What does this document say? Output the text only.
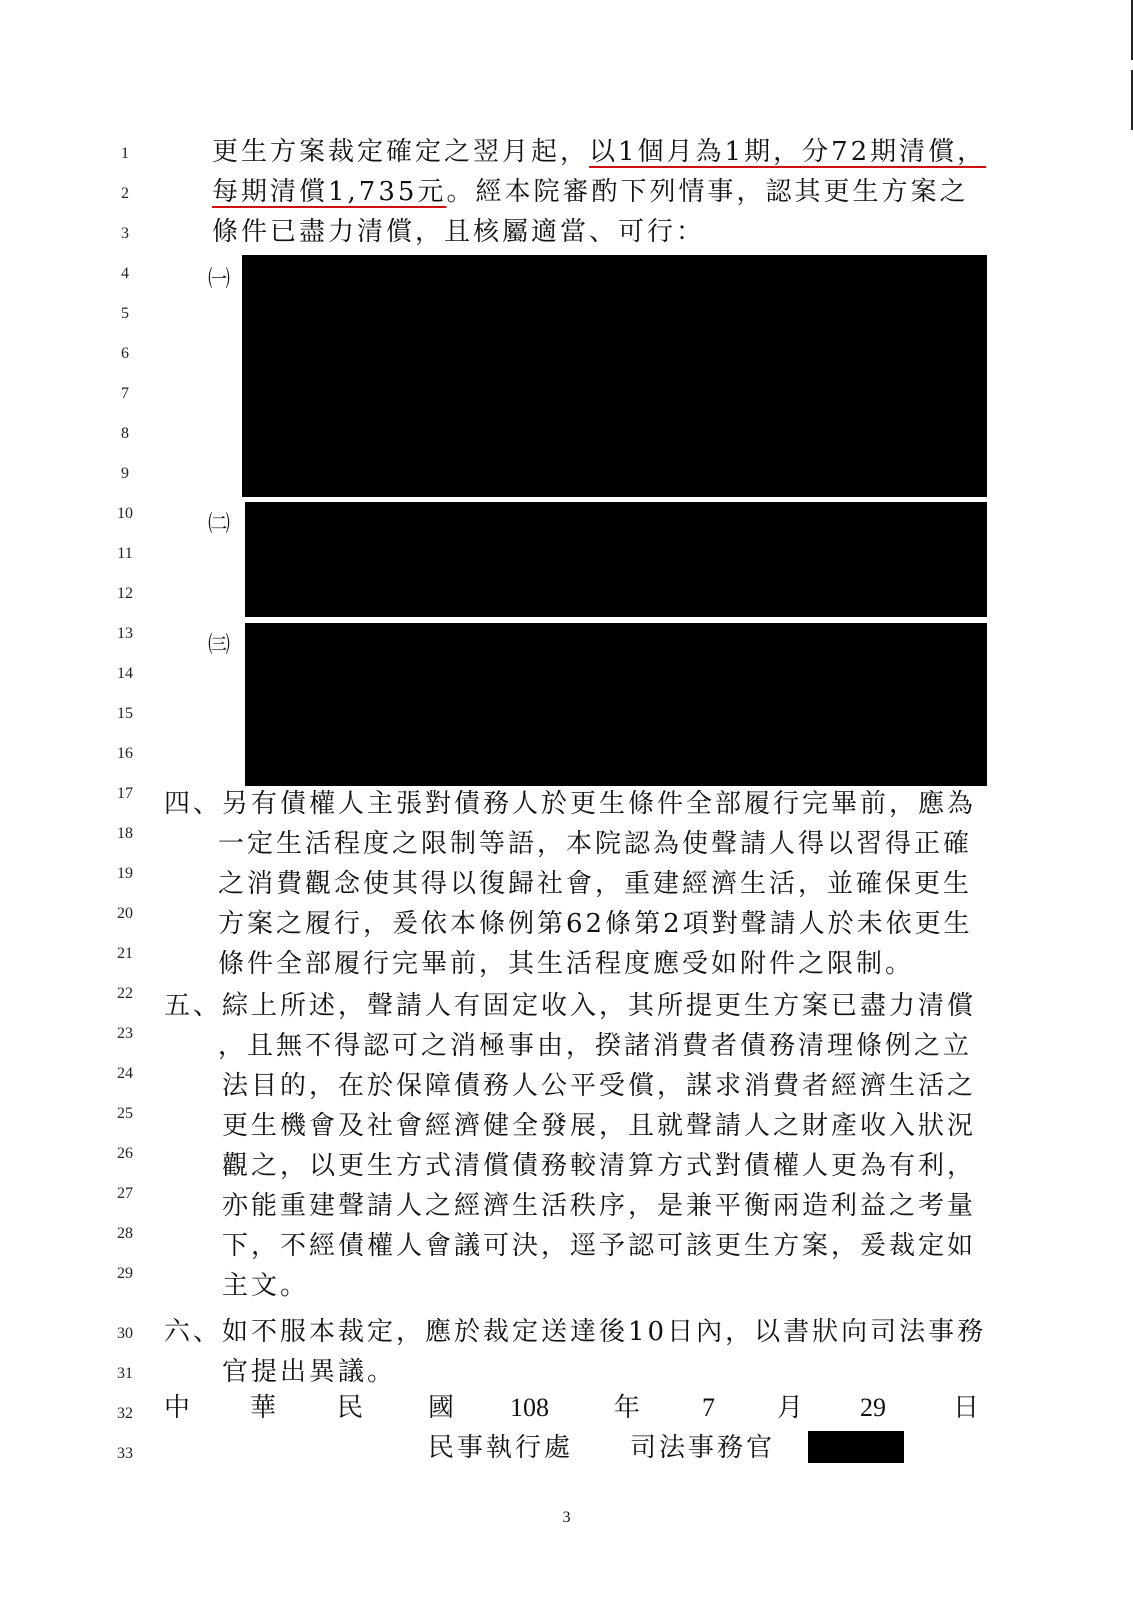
1
2
3
4
5
6
7
8
9
10
11
12
13
14
15
16
17
18
19
20
21
22
23
24
25
26
27
28
29
30
31
32
33
更生方案裁定確定之翌月起，以1個月為1期，分72期清償，
每期清償1,735元。經本院審酌下列情事，認其更生方案之
條件已盡力清償，且核屬適當、可行：
㈠
㈡
㈢
四、另有債權人主張對債務人於更生條件全部履行完畢前，應為
一定生活程度之限制等語，本院認為使聲請人得以習得正確
之消費觀念使其得以復歸社會，重建經濟生活，並確保更生
方案之履行，爰依本條例第62條第2項對聲請人於未依更生
條件全部履行完畢前，其生活程度應受如附件之限制。
五、綜上所述，聲請人有固定收入，其所提更生方案已盡力清償
，且無不得認可之消極事由，揆諸消費者債務清理條例之立
法目的，在於保障債務人公平受償，謀求消費者經濟生活之
更生機會及社會經濟健全發展，且就聲請人之財產收入狀況
觀之，以更生方式清償債務較清算方式對債權人更為有利，
亦能重建聲請人之經濟生活秩序，是兼平衡兩造利益之考量
下，不經債權人會議可決，逕予認可該更生方案，爰裁定如
主文。
六、如不服本裁定，應於裁定送達後10日內，以書狀向司法事務
官提出異議。
中 華 民 國 108	年 7 月 29	日
民事執行處 司法事務官
3
